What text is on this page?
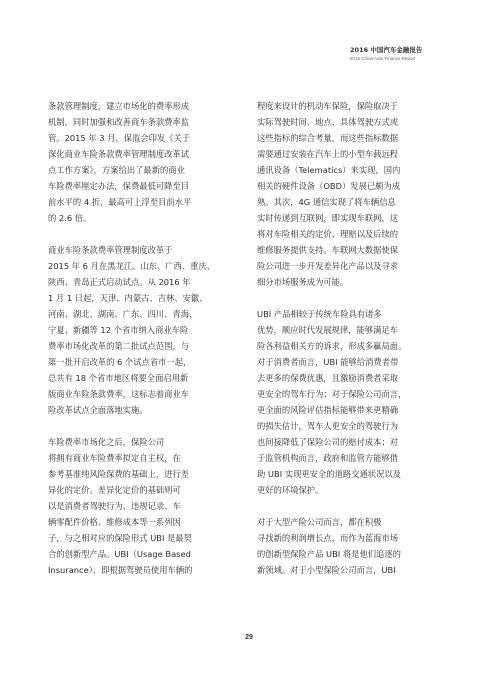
2016 中国汽车金融报告
2016 China Auto Finance Report

条款管理制度，建立市场化的费率形成
机制，同时加强和改善商车条款费率监
管。2015 年 3 月，保监会印发《关于
深化商业车险条款费率管理制度改革试
点工作方案》，方案给出了最新的商业
车险费率厘定办法，保费最低可降至目
前水平的 4 折，最高可上浮至目前水平
的 2.6 倍。

商业车险条款费率管理制度改革于
2015 年 6 月在黑龙江、山东、广西、重庆、
陕西、青岛正式启动试点。从 2016 年
1 月 1 日起，天津、内蒙古、吉林、安徽、
河南、湖北、湖南、广东、四川、青海、
宁夏、新疆等 12 个省市纳入商业车险
费率市场化改革的第二批试点范围，与
第一批开启改革的 6 个试点省市一起，
总共有 18 个省市地区将要全面启用新
版商业车险条款费率，这标志着商业车
险改革试点全面落地实施。

车险费率市场化之后，保险公司
将拥有商业车险费率拟定自主权，在
参考基准纯风险保费的基础上，进行差
异化的定价。差异化定价的基础则可
以是消费者驾驶行为、违规记录、车
辆零配件价格、维修成本等一系列因
子，与之相对应的保险形式 UBI 是最契
合的创新型产品。UBI（Usage Based
Insurance），即根据驾驶员使用车辆的

程度来设计的机动车保险，保险取决于
实际驾驶时间、地点、具体驾驶方式或
这些指标的综合考量，而这些指标数据
需要通过安装在汽车上的小型车载远程
通讯设备（Telematics）来实现，国内
相关的硬件设备（OBD）发展已颇为成
熟。其次，4G 通信实现了将车辆信息
实时传递到互联网，即实现车联网，这
将对车险相关的定价、理赔以及后续的
维修服务提供支持。车联网大数据使保
险公司进一步开发差异化产品以及寻求
细分市场服务成为可能。

UBI 产品相较于传统车险具有诸多
优势，顺应时代发展规律，能够满足车
险各利益相关方的诉求，形成多赢局面。
对于消费者而言，UBI 能够给消费者带
去更多的保费优惠，且激励消费者采取
更安全的驾车行为；对于保险公司而言，
更全面的风险评估指标能够带来更精确
的损失估计，驾车人更安全的驾驶行为
也间接降低了保险公司的赔付成本；对
于监管机构而言，政府和监管方能够借
助 UBI 实现更安全的道路交通状况以及
更好的环境保护。

对于大型产险公司而言，都在积极
寻找新的利润增长点，而作为蓝海市场
的创新型保险产品 UBI 将是他们追逐的
新领域。对于小型保险公司而言，UBI

29
